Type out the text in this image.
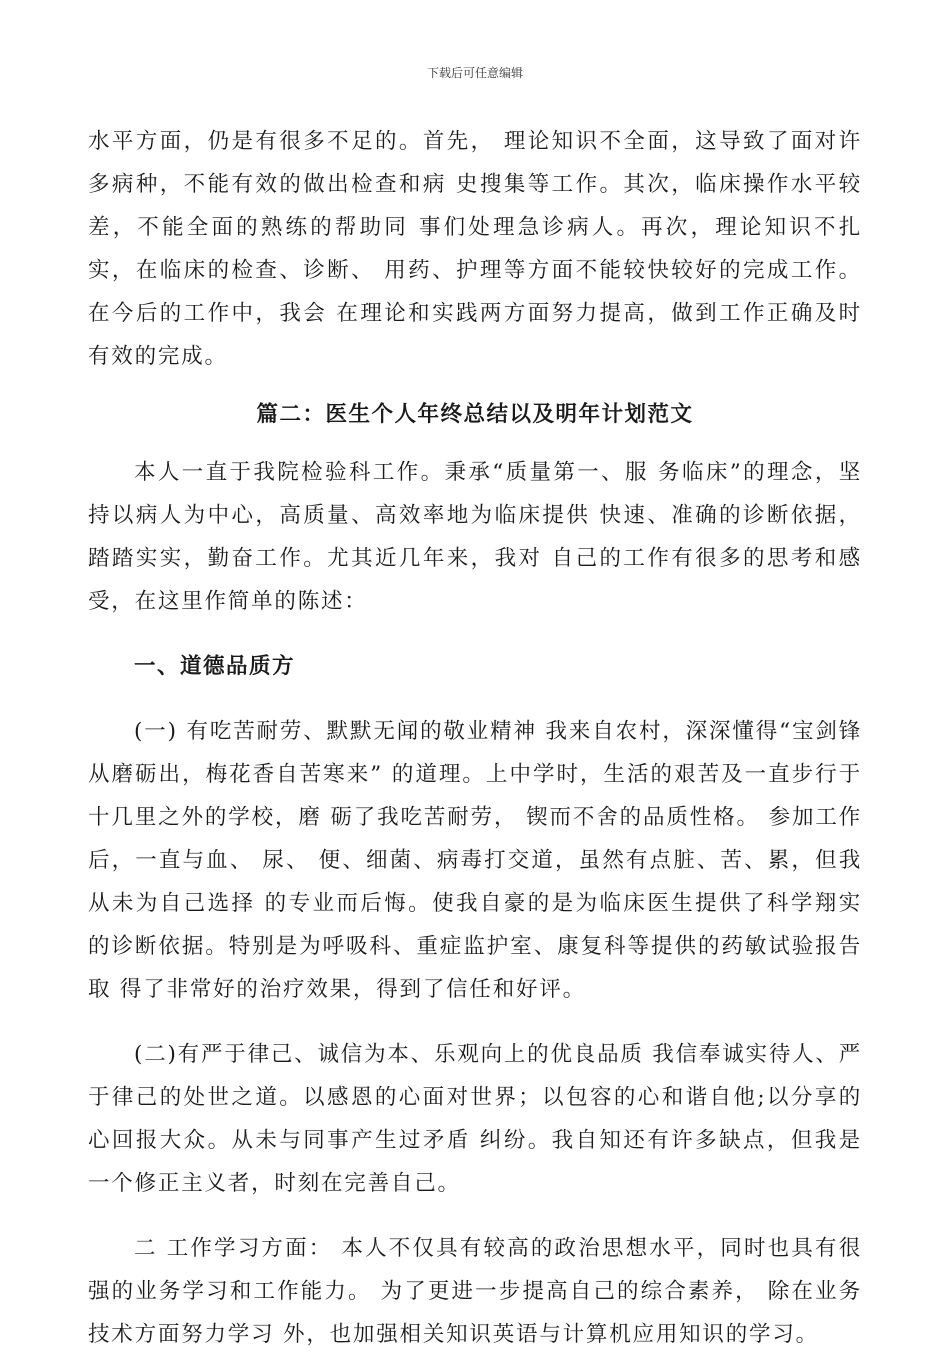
下载后可任意编辑

水平方面，仍是有很多不足的。首先， 理论知识不全面，这导致了面对许多病种，不能有效的做出检查和病 史搜集等工作。其次，临床操作水平较差，不能全面的熟练的帮助同 事们处理急诊病人。再次，理论知识不扎实，在临床的检查、诊断、 用药、护理等方面不能较快较好的完成工作。在今后的工作中，我会 在理论和实践两方面努力提高，做到工作正确及时有效的完成。

篇二：医生个人年终总结以及明年计划范文

本人一直于我院检验科工作。秉承“质量第一、服 务临床”的理念，坚持以病人为中心，高质量、高效率地为临床提供 快速、准确的诊断依据，踏踏实实，勤奋工作。尤其近几年来，我对 自己的工作有很多的思考和感受，在这里作简单的陈述：

一、道德品质方

(一) 有吃苦耐劳、默默无闻的敬业精神 我来自农村，深深懂得“宝剑锋从磨砺出，梅花香自苦寒来” 的道理。上中学时，生活的艰苦及一直步行于十几里之外的学校，磨 砺了我吃苦耐劳， 锲而不舍的品质性格。 参加工作后，一直与血、 尿、 便、细菌、病毒打交道，虽然有点脏、苦、累，但我从未为自己选择 的专业而后悔。使我自豪的是为临床医生提供了科学翔实的诊断依据。特别是为呼吸科、重症监护室、康复科等提供的药敏试验报告取 得了非常好的治疗效果，得到了信任和好评。

(二)有严于律己、诚信为本、乐观向上的优良品质 我信奉诚实待人、严于律己的处世之道。以感恩的心面对世界；以包容的心和谐自他;以分享的心回报大众。从未与同事产生过矛盾 纠纷。我自知还有许多缺点，但我是一个修正主义者，时刻在完善自己。

二 工作学习方面： 本人不仅具有较高的政治思想水平，同时也具有很强的业务学习和工作能力。 为了更进一步提高自己的综合素养， 除在业务技术方面努力学习 外，也加强相关知识英语与计算机应用知识的学习。
